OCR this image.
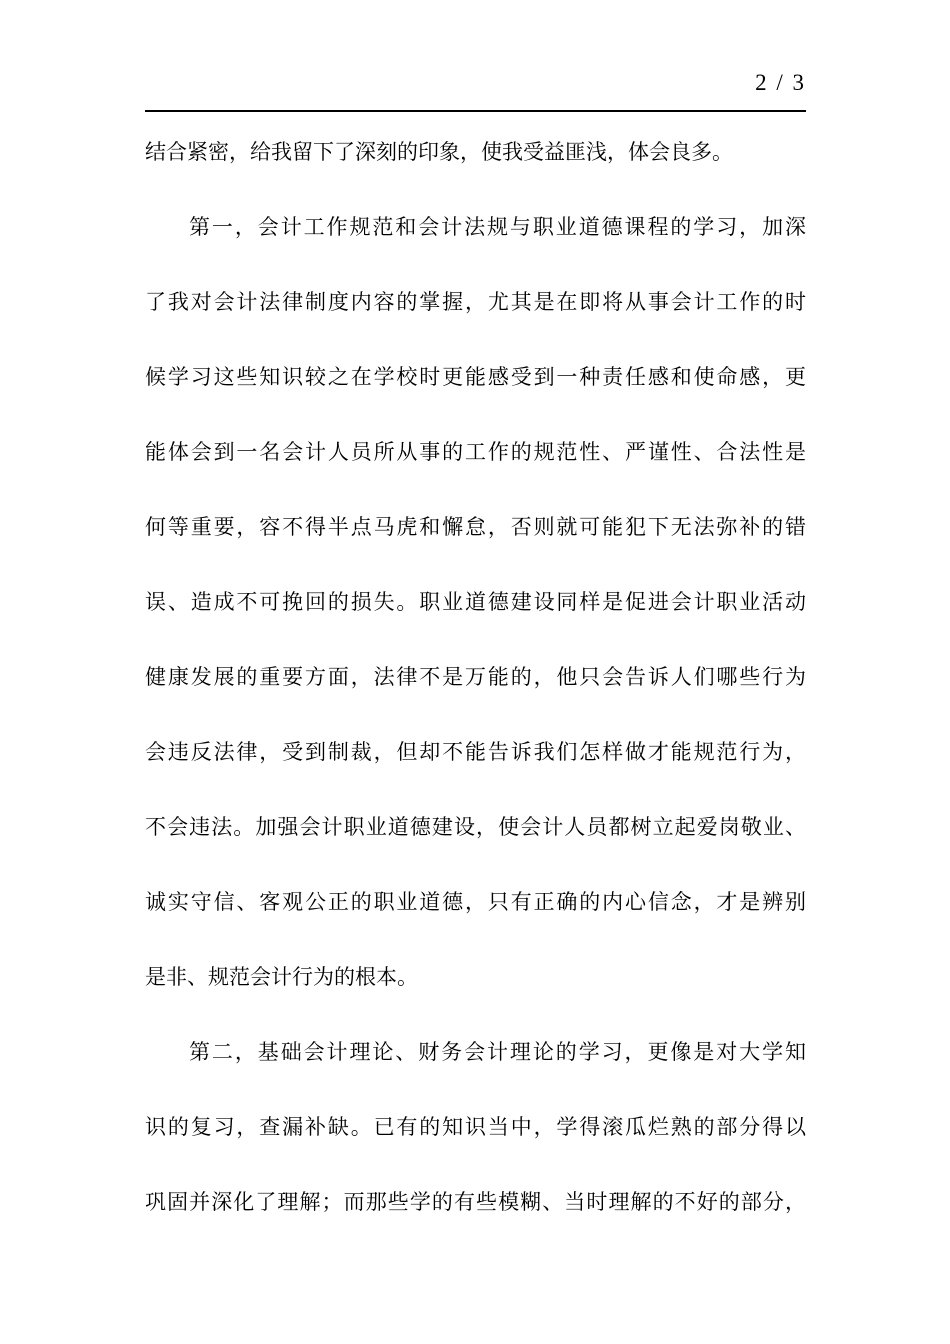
2 / 3
结合紧密，给我留下了深刻的印象，使我受益匪浅，体会良多。
第一，会计工作规范和会计法规与职业道德课程的学习，加深
了我对会计法律制度内容的掌握，尤其是在即将从事会计工作的时
候学习这些知识较之在学校时更能感受到一种责任感和使命感，更
能体会到一名会计人员所从事的工作的规范性、严谨性、合法性是
何等重要，容不得半点马虎和懈怠，否则就可能犯下无法弥补的错
误、造成不可挽回的损失。职业道德建设同样是促进会计职业活动
健康发展的重要方面，法律不是万能的，他只会告诉人们哪些行为
会违反法律，受到制裁，但却不能告诉我们怎样做才能规范行为，
不会违法。加强会计职业道德建设，使会计人员都树立起爱岗敬业、
诚实守信、客观公正的职业道德，只有正确的内心信念，才是辨别
是非、规范会计行为的根本。
第二，基础会计理论、财务会计理论的学习，更像是对大学知
识的复习，查漏补缺。已有的知识当中，学得滚瓜烂熟的部分得以
巩固并深化了理解；而那些学的有些模糊、当时理解的不好的部分，
